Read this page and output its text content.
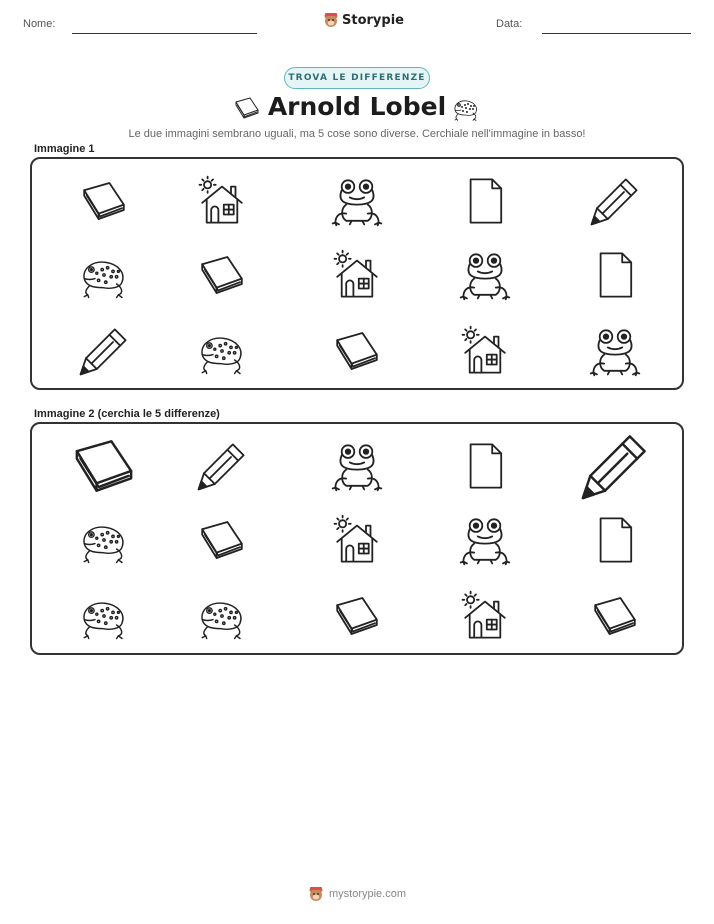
Nome:	Storypie	Data:
TROVA LE DIFFERENZE
Arnold Lobel
Le due immagini sembrano uguali, ma 5 cose sono diverse. Cerchiale nell'immagine in basso!
Immagine 1
Immagine 2 (cerchia le 5 differenze)
mystorypie.com
